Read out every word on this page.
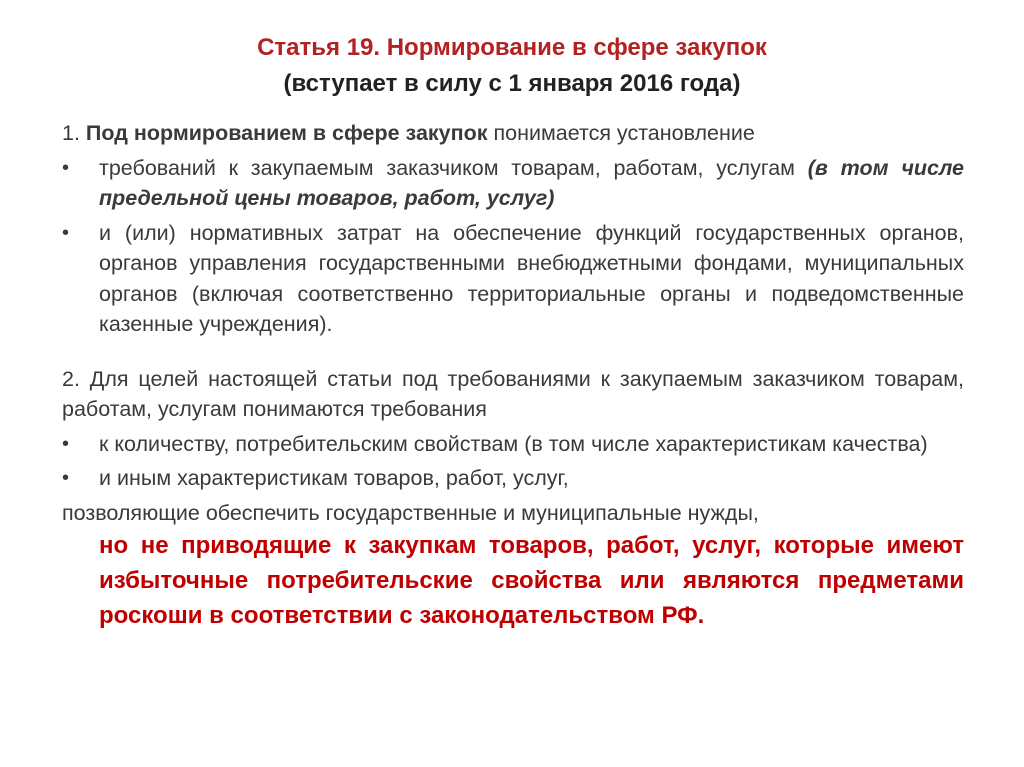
Статья 19. Нормирование в сфере закупок
(вступает в силу с 1 января 2016 года)

1. Под нормированием в сфере закупок понимается установление

•	требований к закупаемым заказчиком товарам, работам, услугам (в том числе предельной цены товаров, работ, услуг)
•	и (или) нормативных затрат на обеспечение функций государственных органов, органов управления государственными внебюджетными фондами, муниципальных органов (включая соответственно территориальные органы и подведомственные казенные учреждения).

2. Для целей настоящей статьи под требованиями к закупаемым заказчиком товарам, работам, услугам понимаются требования

•	к количеству, потребительским свойствам (в том числе характеристикам качества)
•	и иным характеристикам товаров, работ, услуг,

позволяющие обеспечить государственные и муниципальные нужды,

но не приводящие к закупкам товаров, работ, услуг, которые имеют избыточные потребительские свойства или являются предметами роскоши в соответствии с законодательством РФ.
